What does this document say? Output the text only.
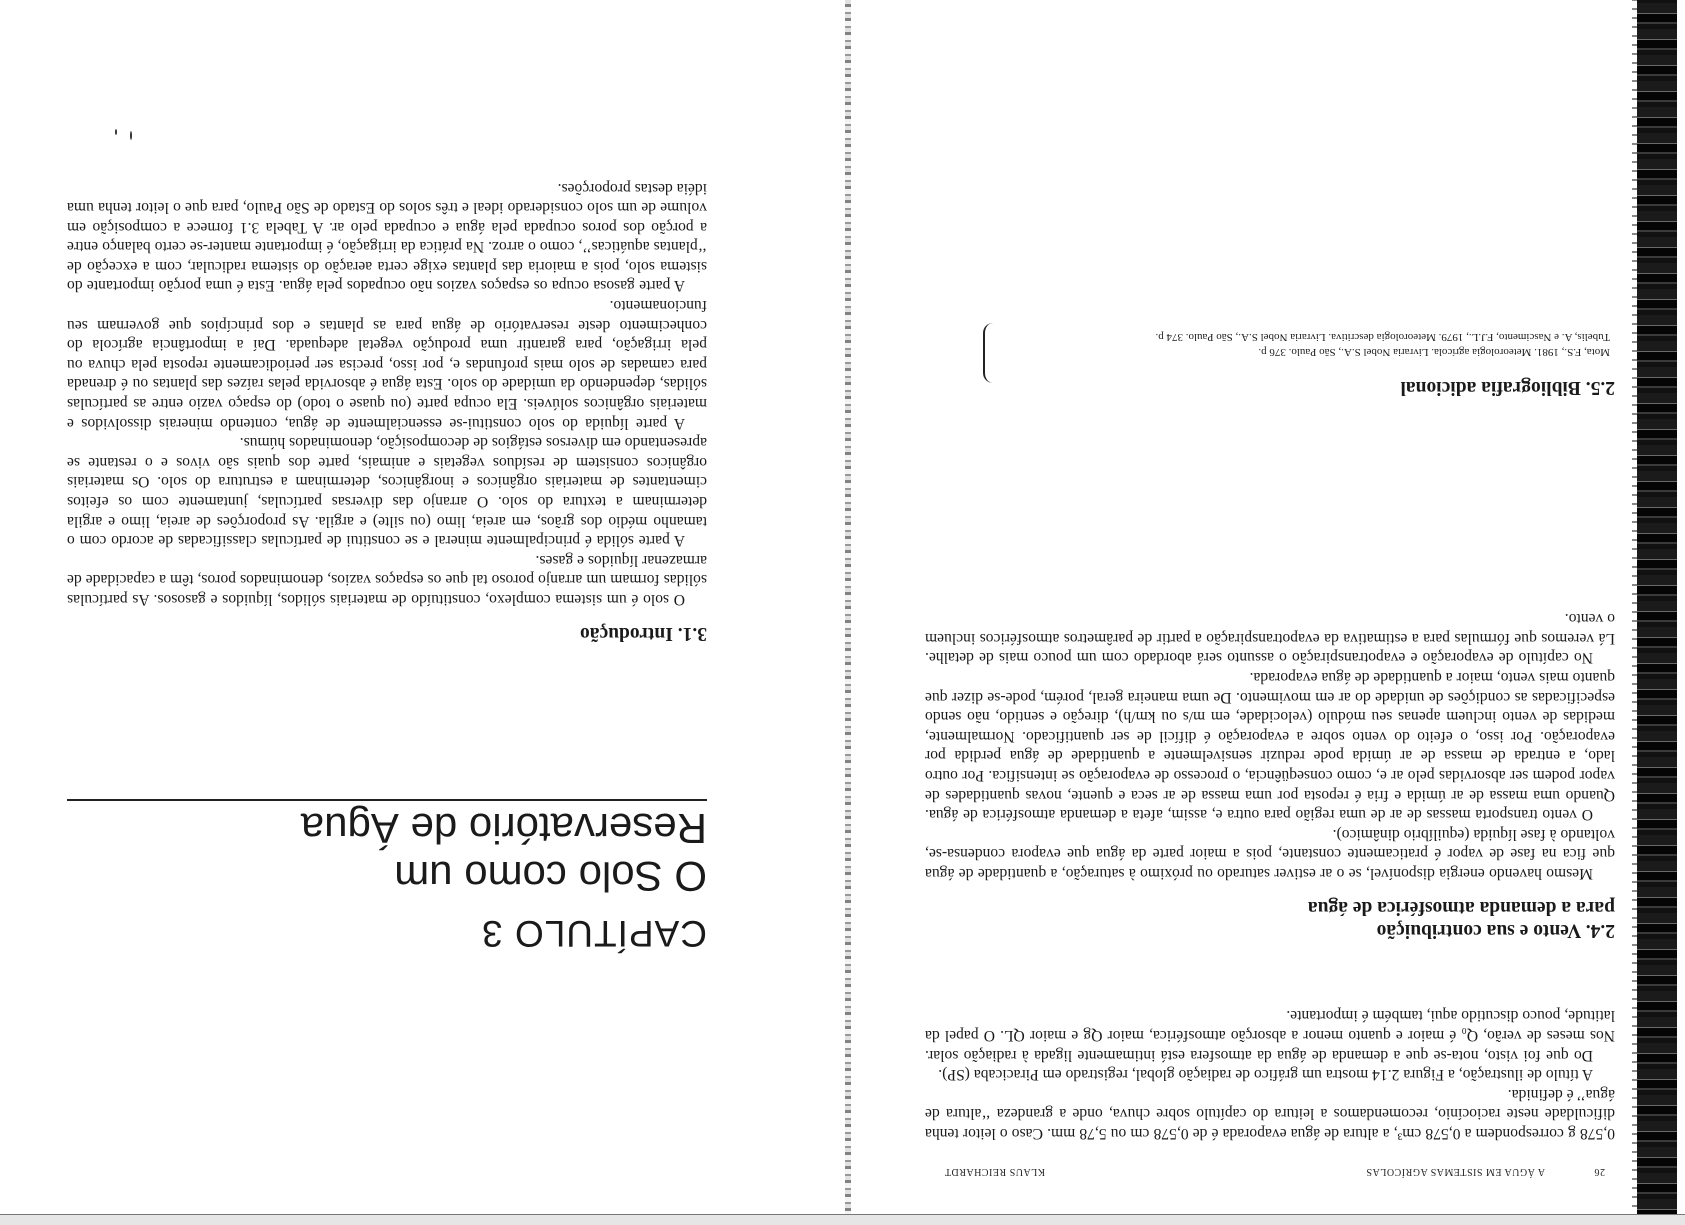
26
A ÁGUA EM SISTEMAS AGRÍCOLAS
KLAUS REICHARDT

0,578 g correspondem a 0,578 cm³, a altura de água evaporada é de 0,578 cm ou 5,78 mm. Caso o leitor tenha dificuldade neste raciocínio, recomendamos a leitura do capítulo sobre chuva, onde a grandeza ‘‘altura de água’’ é definida.

A título de ilustração, a Figura 2.14 mostra um gráfico de radiação global, registrado em Piracicaba (SP).

Do que foi visto, nota-se que a demanda de água da atmosfera está intimamente ligada à radiação solar. Nos meses de verão, Q₀ é maior e quanto menor a absorção atmosférica, maior Qg e maior QL. O papel da latitude, pouco discutido aqui, também é importante.

2.4. Vento e sua contribuição
para a demanda atmosférica de água

Mesmo havendo energia disponível, se o ar estiver saturado ou próximo à saturação, a quantidade de água que fica na fase de vapor é praticamente constante, pois a maior parte da água que evapora condensa-se, voltando à fase líquida (equilíbrio dinâmico).

O vento transporta massas de ar de uma região para outra e, assim, afeta a demanda atmosférica de água. Quando uma massa de ar úmida e fria é reposta por uma massa de ar seca e quente, novas quantidades de vapor podem ser absorvidas pelo ar e, como conseqüência, o processo de evaporação se intensifica. Por outro lado, a entrada de massa de ar úmida pode reduzir sensivelmente a quantidade de água perdida por evaporação. Por isso, o efeito do vento sobre a evaporação é difícil de ser quantificado. Normalmente, medidas de vento incluem apenas seu módulo (velocidade, em m/s ou km/h), direção e sentido, não sendo especificadas as condições de unidade do ar em movimento. De uma maneira geral, porém, pode-se dizer que quanto mais vento, maior a quantidade de água evaporada.

No capítulo de evaporação e evapotranspiração o assunto será abordado com um pouco mais de detalhe. Lá veremos que fórmulas para a estimativa da evapotranspiração a partir de parâmetros atmosféricos incluem o vento.

2.5. Bibliografia adicional
Mota, F.S., 1981. Meteorologia agrícola. Livraria Nobel S.A., São Paulo. 376 p.
Tubelis, A. e Nascimento, F.J.L., 1979. Meteorologia descritiva. Livraria Nobel S.A., São Paulo. 374 p.
CAPÍTULO 3
O Solo como um
Reservatório de Água
3.1. Introdução

O solo é um sistema complexo, constituído de materiais sólidos, líquidos e gasosos. As partículas sólidas formam um arranjo poroso tal que os espaços vazios, denominados poros, têm a capacidade de armazenar líquidos e gases.

A parte sólida é principalmente mineral e se constitui de partículas classificadas de acordo com o tamanho médio dos grãos, em areia, limo (ou silte) e argila. As proporções de areia, limo e argila determinam a textura do solo. O arranjo das diversas partículas, juntamente com os efeitos cimentantes de materiais orgânicos e inorgânicos, determinam a estrutura do solo. Os materiais orgânicos consistem de resíduos vegetais e animais, parte dos quais são vivos e o restante se apresentando em diversos estágios de decomposição, denominados húmus.

A parte líquida do solo constitui-se essencialmente de água, contendo minerais dissolvidos e materiais orgânicos solúveis. Ela ocupa parte (ou quase o todo) do espaço vazio entre as partículas sólidas, dependendo da umidade do solo. Esta água é absorvida pelas raízes das plantas ou é drenada para camadas de solo mais profundas e, por isso, precisa ser periodicamente reposta pela chuva ou pela irrigação, para garantir uma produção vegetal adequada. Daí a importância agrícola do conhecimento deste reservatório de água para as plantas e dos princípios que governam seu funcionamento.

A parte gasosa ocupa os espaços vazios não ocupados pela água. Esta é uma porção importante do sistema solo, pois a maioria das plantas exige certa aeração do sistema radicular, com a exceção de ‘‘plantas aquáticas’’, como o arroz. Na prática da irrigação, é importante manter-se certo balanço entre a porção dos poros ocupada pela água e ocupada pelo ar. A Tabela 3.1 fornece a composição em volume de um solo considerado ideal e três solos do Estado de São Paulo, para que o leitor tenha uma idéia destas proporções.
